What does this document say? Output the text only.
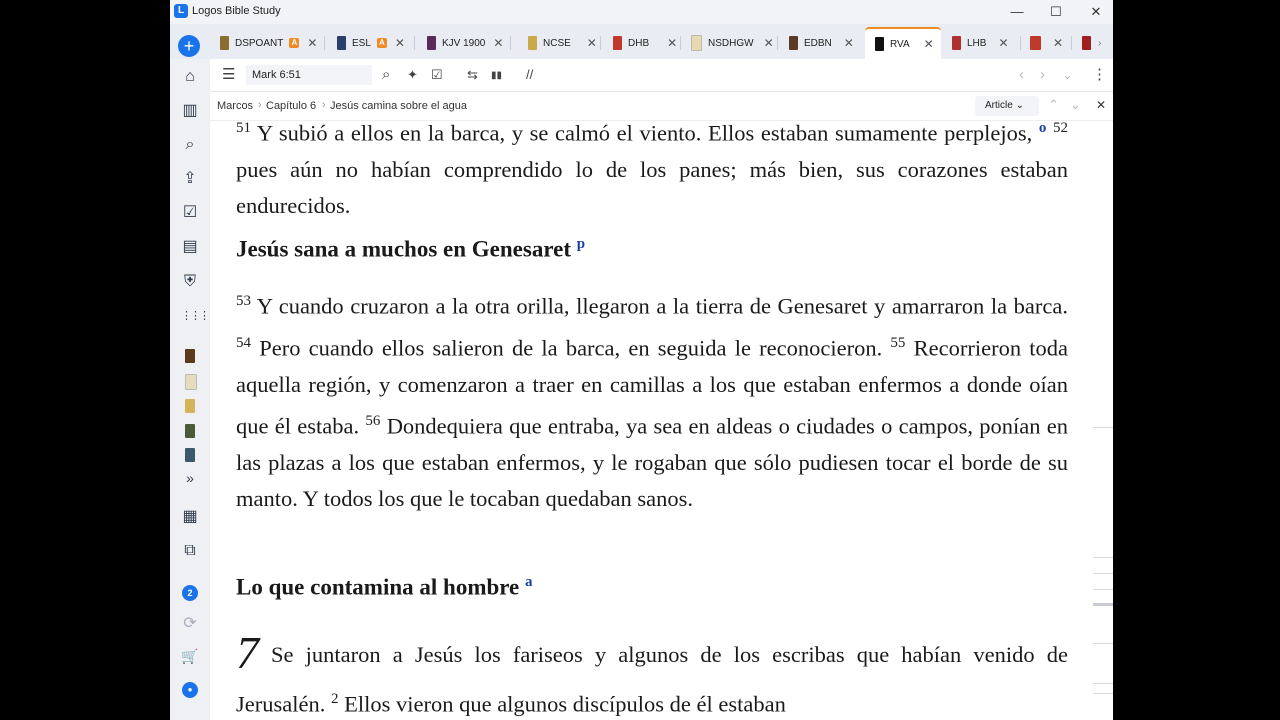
L Logos Bible Study	—	☐	✕
DSPOANT A ✕	ESL A ✕	KJV 1900 ✕	NCSE ✕	DHB ✕	NSDHGW ✕	EDBN ✕	RVA ✕	LHB ✕	✕	›
+
⌂
▥
⌕
⇪
☑
▤
⛨
⋮⋮⋮
»
▦
⧉
2
⟳
🛒
●
☰
Mark 6:51	⌕ ✦ ☑ ⇆ ▮▮ //	‹ › ⌄ ⋮
Marcos › Capítulo 6 › Jesús camina sobre el agua	Article ⌄	⌃ ⌄ ✕

$^{51}$ Y subió a ellos en la barca, y se calmó el viento. Ellos estaban sumamente perplejos, $^o$ $^{52}$ pues aún no habían comprendido lo de los panes; más bien, sus corazones estaban endurecidos.

Jesús sana a muchos en Genesaret $^p$

$^{53}$ Y cuando cruzaron a la otra orilla, llegaron a la tierra de Genesaret y amarraron la barca. $^{54}$ Pero cuando ellos salieron de la barca, en seguida le reconocieron. $^{55}$ Recorrieron toda aquella región, y comenzaron a traer en camillas a los que estaban enfermos a donde oían que él estaba. $^{56}$ Dondequiera que entraba, ya sea en aldeas o ciudades o campos, ponían en las plazas a los que estaban enfermos, y le rogaban que sólo pudiesen tocar el borde de su manto. Y todos los que le tocaban quedaban sanos.

Lo que contamina al hombre $^a$

7 Se juntaron a Jesús los fariseos y algunos de los escribas que habían venido de Jerusalén. $^2$ Ellos vieron que algunos discípulos de él estaban
